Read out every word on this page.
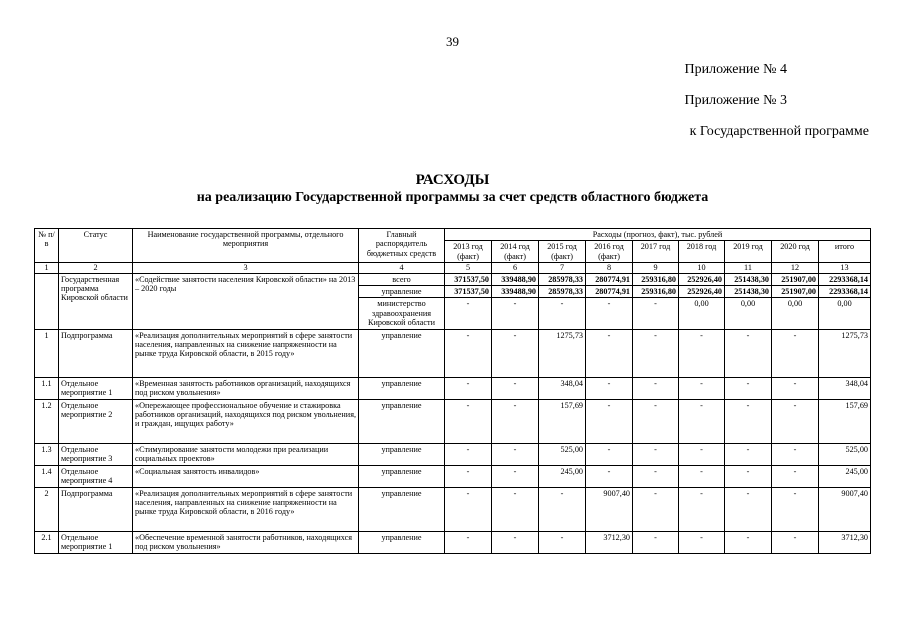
39
Приложение № 4
Приложение № 3
к Государственной программе
РАСХОДЫ
на реализацию Государственной программы за счет средств областного бюджета
№ п/в	Статус	Наименование государственной программы, отдельного мероприятия	Главный распорядитель бюджетных средств	Расходы (прогноз, факт), тыс. рублей								
				2013 год (факт)	2014 год (факт)	2015 год (факт)	2016 год (факт)	2017 год	2018 год	2019 год	2020 год	итого
1	2	3	4	5	6	7	8	9	10	11	12	13
	Государственная программа Кировской области	«Содействие занятости населения Кировской области» на 2013 – 2020 годы	всего	371537,50	339488,90	285978,33	280774,91	259316,80	252926,40	251438,30	251907,00	2293368,14
			управление	371537,50	339488,90	285978,33	280774,91	259316,80	252926,40	251438,30	251907,00	2293368,14
			министерство здравоохранения Кировской области	-	-	-	-	-	0,00	0,00	0,00	0,00
1	Подпрограмма	«Реализация дополнительных мероприятий в сфере занятости населения, направленных на снижение напряженности на рынке труда Кировской области, в 2015 году»	управление	-	-	1275,73	-	-	-	-	-	1275,73
1.1	Отдельное мероприятие 1	«Временная занятость работников организаций, находящихся под риском увольнения»	управление	-	-	348,04	-	-	-	-	-	348,04
1.2	Отдельное мероприятие 2	«Опережающее профессиональное обучение и стажировка работников организаций, находящихся под риском увольнения, и граждан, ищущих работу»	управление	-	-	157,69	-	-	-	-	-	157,69
1.3	Отдельное мероприятие 3	«Стимулирование занятости молодежи при реализации социальных проектов»	управление	-	-	525,00	-	-	-	-	-	525,00
1.4	Отдельное мероприятие 4	«Социальная занятость инвалидов»	управление	-	-	245,00	-	-	-	-	-	245,00
2	Подпрограмма	«Реализация дополнительных мероприятий в сфере занятости населения, направленных на снижение напряженности на рынке труда Кировской области, в 2016 году»	управление	-	-	-	9007,40	-	-	-	-	9007,40
2.1	Отдельное мероприятие 1	«Обеспечение временной занятости работников, находящихся под риском увольнения»	управление	-	-	-	3712,30	-	-	-	-	3712,30
